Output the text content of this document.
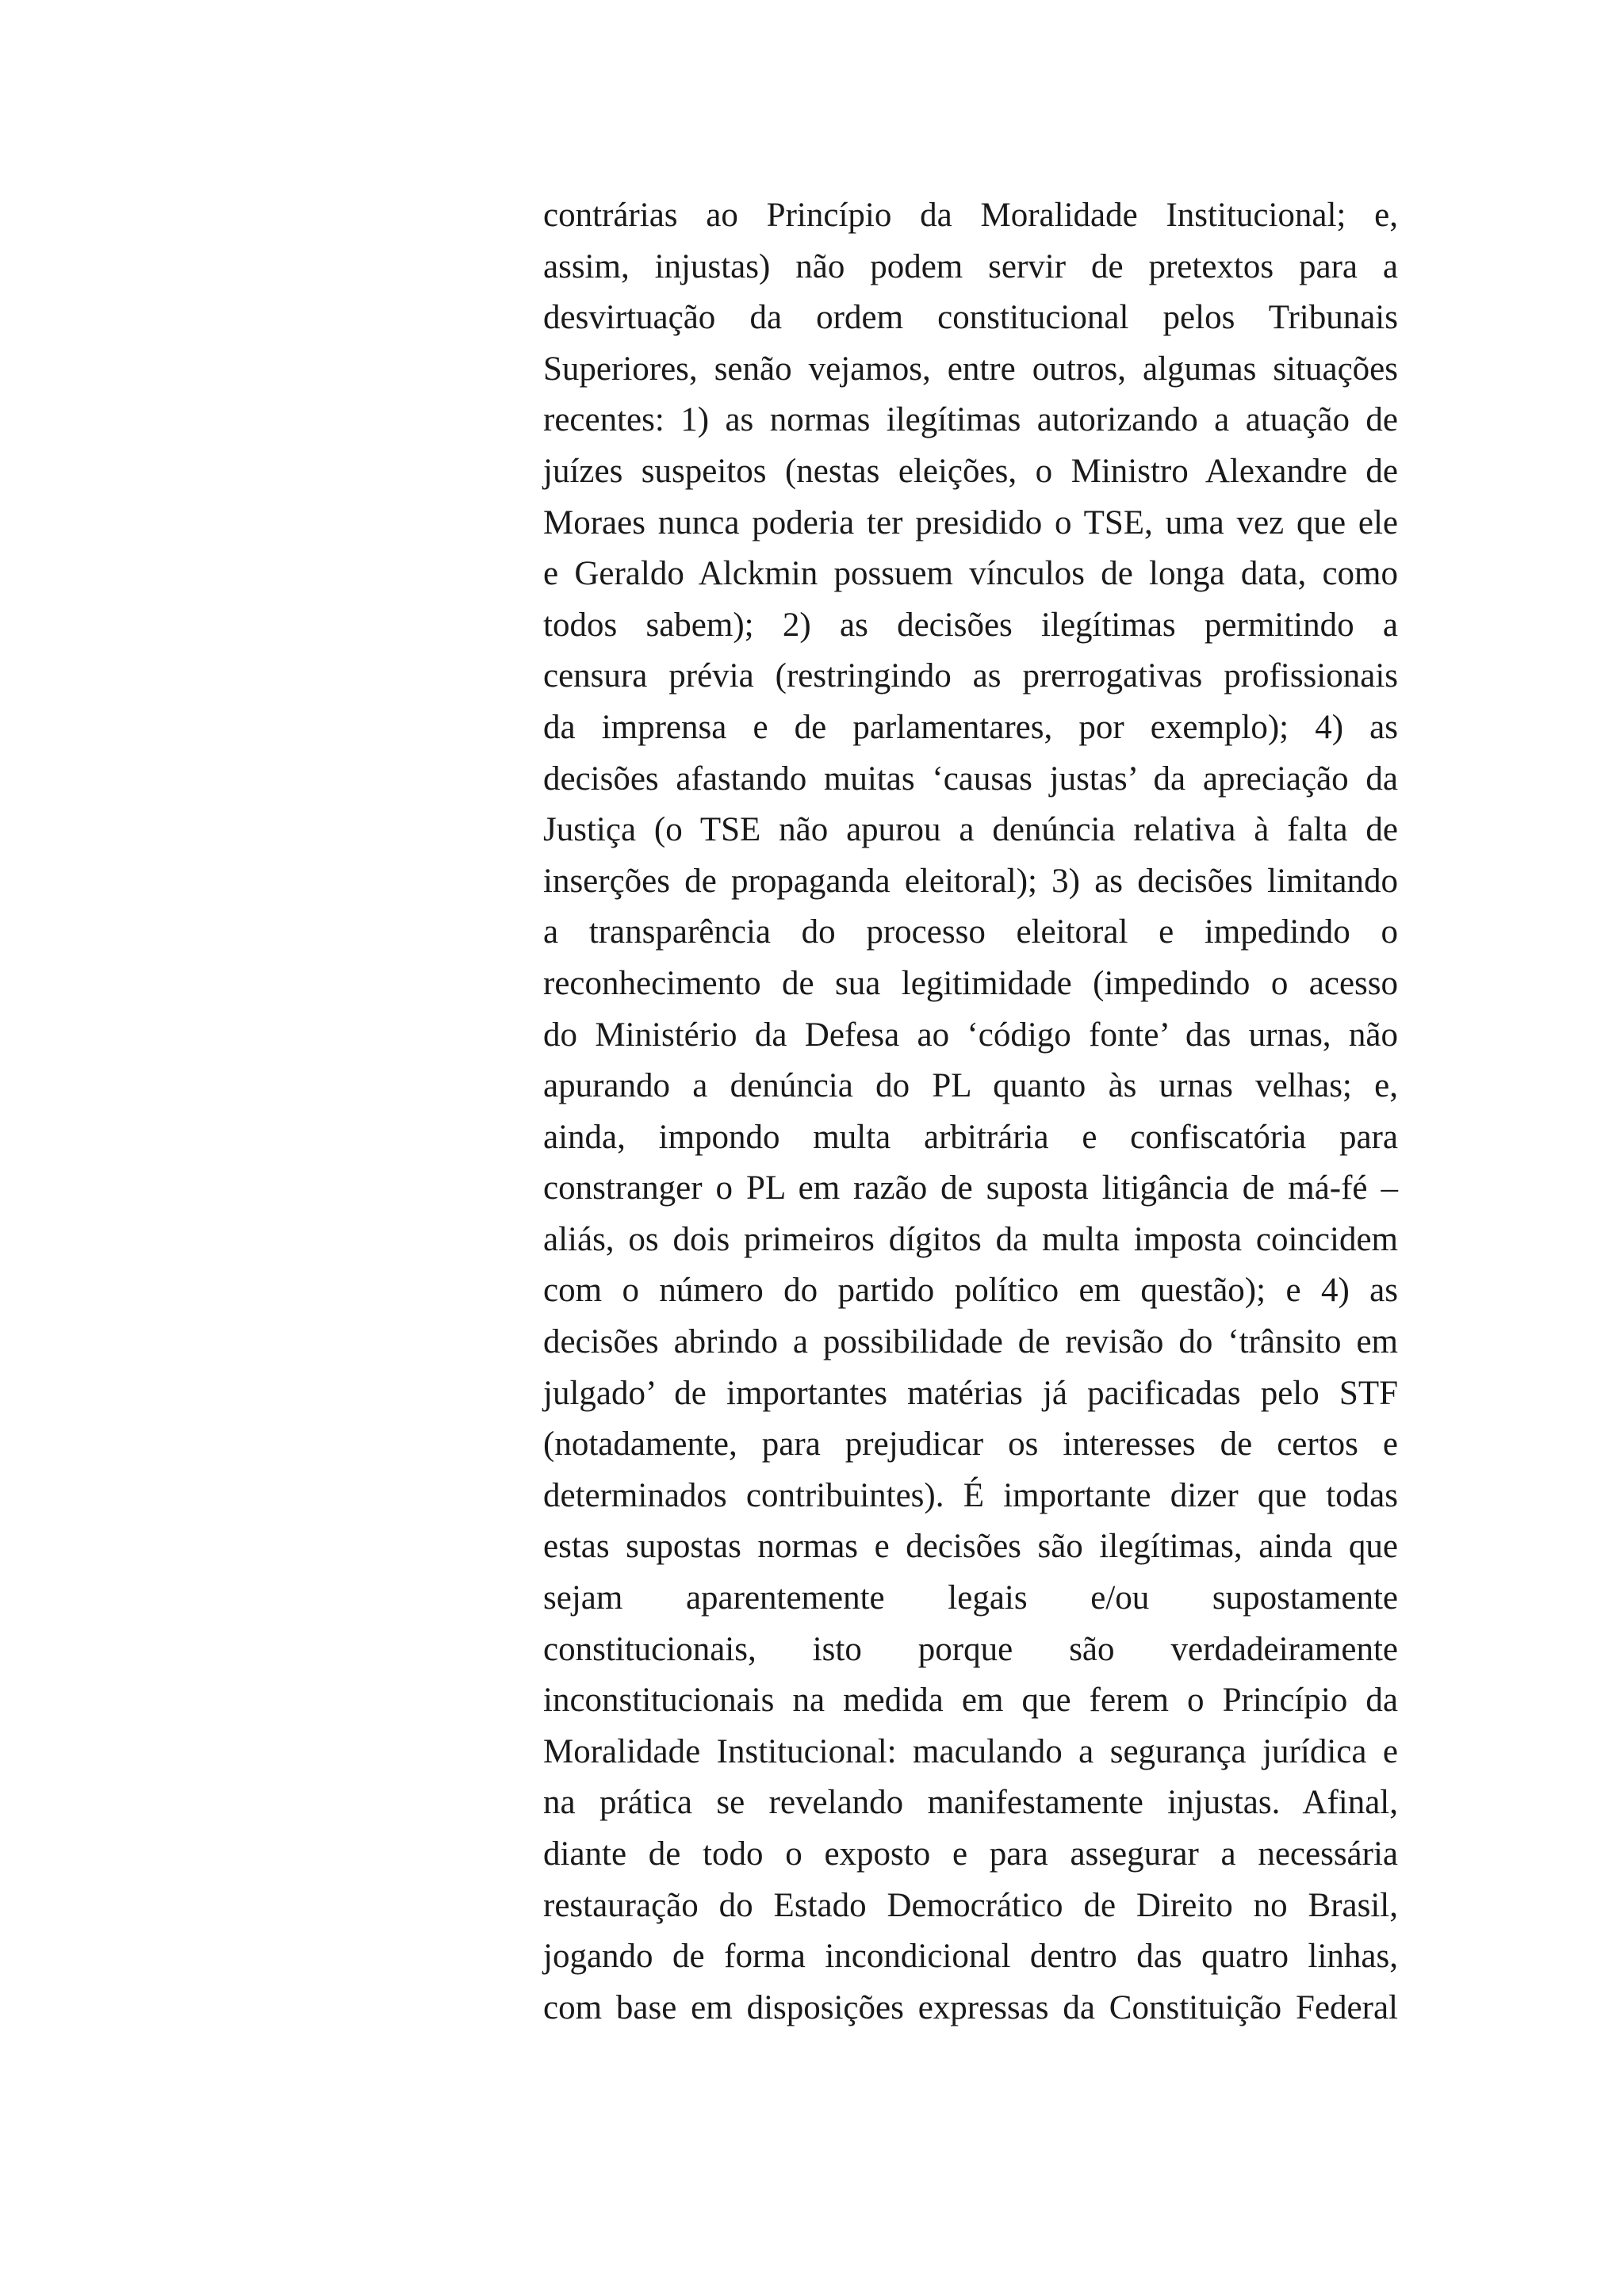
contrárias ao Princípio da Moralidade Institucional; e,
assim, injustas) não podem servir de pretextos para a
desvirtuação da ordem constitucional pelos Tribunais
Superiores, senão vejamos, entre outros, algumas situações
recentes: 1) as normas ilegítimas autorizando a atuação de
juízes suspeitos (nestas eleições, o Ministro Alexandre de
Moraes nunca poderia ter presidido o TSE, uma vez que ele
e Geraldo Alckmin possuem vínculos de longa data, como
todos sabem); 2) as decisões ilegítimas permitindo a
censura prévia (restringindo as prerrogativas profissionais
da imprensa e de parlamentares, por exemplo); 4) as
decisões afastando muitas ‘causas justas’ da apreciação da
Justiça (o TSE não apurou a denúncia relativa à falta de
inserções de propaganda eleitoral); 3) as decisões limitando
a transparência do processo eleitoral e impedindo o
reconhecimento de sua legitimidade (impedindo o acesso
do Ministério da Defesa ao ‘código fonte’ das urnas, não
apurando a denúncia do PL quanto às urnas velhas; e,
ainda, impondo multa arbitrária e confiscatória para
constranger o PL em razão de suposta litigância de má-fé –
aliás, os dois primeiros dígitos da multa imposta coincidem
com o número do partido político em questão); e 4) as
decisões abrindo a possibilidade de revisão do ‘trânsito em
julgado’ de importantes matérias já pacificadas pelo STF
(notadamente, para prejudicar os interesses de certos e
determinados contribuintes). É importante dizer que todas
estas supostas normas e decisões são ilegítimas, ainda que
sejam aparentemente legais e/ou supostamente
constitucionais, isto porque são verdadeiramente
inconstitucionais na medida em que ferem o Princípio da
Moralidade Institucional: maculando a segurança jurídica e
na prática se revelando manifestamente injustas. Afinal,
diante de todo o exposto e para assegurar a necessária
restauração do Estado Democrático de Direito no Brasil,
jogando de forma incondicional dentro das quatro linhas,
com base em disposições expressas da Constituição Federal
